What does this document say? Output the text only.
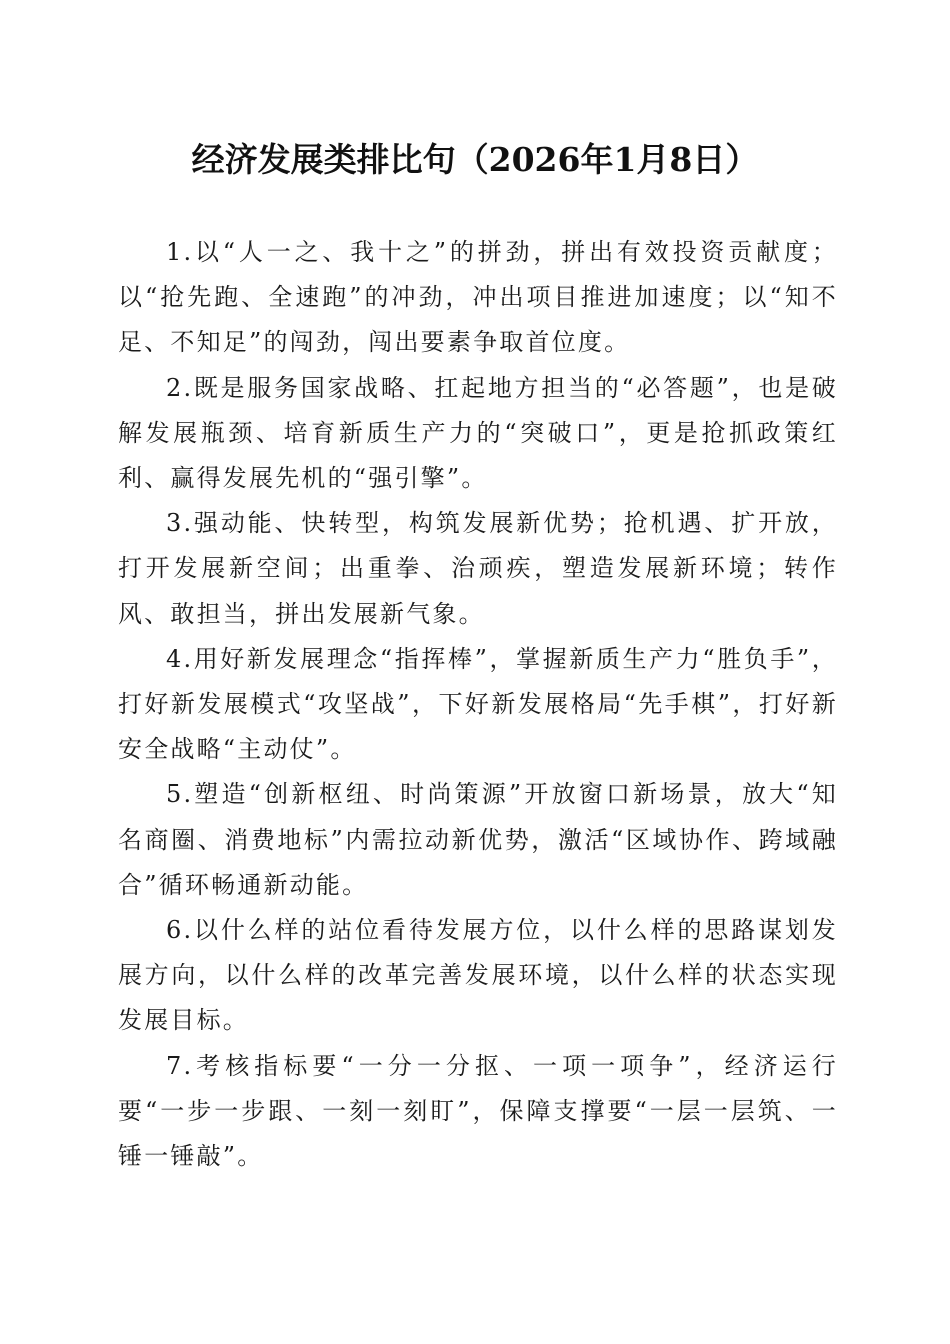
经济发展类排比句（2026年1月8日）

1.以“人一之、我十之”的拼劲，拼出有效投资贡献度；以“抢先跑、全速跑”的冲劲，冲出项目推进加速度；以“知不足、不知足”的闯劲，闯出要素争取首位度。

2.既是服务国家战略、扛起地方担当的“必答题”，也是破解发展瓶颈、培育新质生产力的“突破口”，更是抢抓政策红利、赢得发展先机的“强引擎”。

3.强动能、快转型，构筑发展新优势；抢机遇、扩开放，打开发展新空间；出重拳、治顽疾，塑造发展新环境；转作风、敢担当，拼出发展新气象。

4.用好新发展理念“指挥棒”，掌握新质生产力“胜负手”，打好新发展模式“攻坚战”，下好新发展格局“先手棋”，打好新安全战略“主动仗”。

5.塑造“创新枢纽、时尚策源”开放窗口新场景，放大“知名商圈、消费地标”内需拉动新优势，激活“区域协作、跨域融合”循环畅通新动能。

6.以什么样的站位看待发展方位，以什么样的思路谋划发展方向，以什么样的改革完善发展环境，以什么样的状态实现发展目标。

7.考核指标要“一分一分抠、一项一项争”，经济运行要“一步一步跟、一刻一刻盯”，保障支撑要“一层一层筑、一锤一锤敲”。
